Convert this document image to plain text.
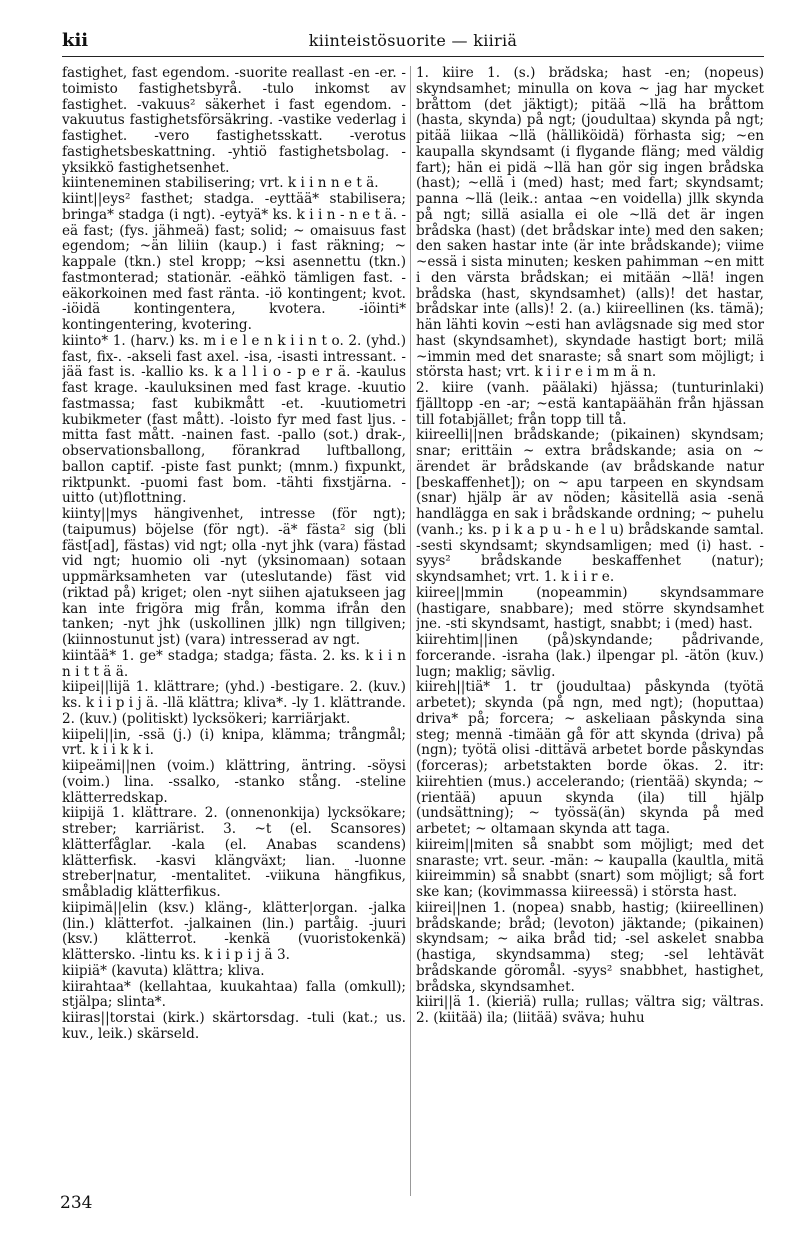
kii	kiinteistösuorite — kiiriä

fastighet, fast egendom. -suorite reallast -en -er. -toimisto fastighetsbyrå. -tulo inkomst av fastighet. -vakuus² säkerhet i fast egendom. -vakuutus fastighetsförsäkring. -vastike vederlag i fastighet. -vero fastighetsskatt. -verotus fastighetsbeskattning. -yhtiö fastighetsbolag. -yksikkö fastighetsenhet.

kiinteneminen stabilisering; vrt. k i i n n e t ä.

kiint||eys² fasthet; stadga. -eyttää* stabilisera; bringa* stadga (i ngt). -eytyä* ks. k i i n - n e t ä. -eä fast; (fys. jähmeä) fast; solid; ~ omaisuus fast egendom; ~än liliin (kaup.) i fast räkning; ~ kappale (tkn.) stel kropp; ~ksi asennettu (tkn.) fastmonterad; stationär. -eähkö tämligen fast. -eäkorkoinen med fast ränta. -iö kontingent; kvot. -iöidä kontingentera, kvotera. -iöinti* kontingentering, kvotering.

kiinto* 1. (harv.) ks. m i e l e n k i i n t o. 2. (yhd.) fast, fix-. -akseli fast axel. -isa, -isasti intressant. -jää fast is. -kallio ks. k a l l i o - p e r ä. -kaulus fast krage. -kauluksinen med fast krage. -kuutio fastmassa; fast kubikmått -et. -kuutiometri kubikmeter (fast mått). -loisto fyr med fast ljus. -mitta fast mått. -nainen fast. -pallo (sot.) drak-, observationsballong, förankrad luftballong, ballon captif. -piste fast punkt; (mnm.) fixpunkt, riktpunkt. -puomi fast bom. -tähti fixstjärna. -uitto (ut)flottning.

kiinty||mys hängivenhet, intresse (för ngt); (taipumus) böjelse (för ngt). -ä* fästa² sig (bli fäst[ad], fästas) vid ngt; olla -nyt jhk (vara) fästad vid ngt; huomio oli -nyt (yksinomaan) sotaan uppmärksamheten var (uteslutande) fäst vid (riktad på) kriget; olen -nyt siihen ajatukseen jag kan inte frigöra mig från, komma ifrån den tanken; -nyt jhk (uskollinen jllk) ngn tillgiven; (kiinnostunut jst) (vara) intresserad av ngt.

kiintää* 1. ge* stadga; stadga; fästa. 2. ks. k i i n n i t t ä ä.

kiipei||lijä 1. klättrare; (yhd.) -bestigare. 2. (kuv.) ks. k i i p i j ä. -llä klättra; kliva*. -ly 1. klättrande. 2. (kuv.) (politiskt) lycksökeri; karriärjakt.

kiipeli||in, -ssä (j.) (i) knipa, klämma; trångmål; vrt. k i i k k i.

kiipeämi||nen (voim.) klättring, äntring. -söysi (voim.) lina. -ssalko, -stanko stång. -steline klätterredskap.

kiipijä 1. klättrare. 2. (onnenonkija) lycksökare; streber; karriärist. 3. ~t (el. Scansores) klätterfåglar. -kala (el. Anabas scandens) klätterfisk. -kasvi klängväxt; lian. -luonne streber|natur, -mentalitet. -viikuna hängfikus, småbladig klätterfikus.

kiipimä||elin (ksv.) kläng-, klätter|organ. -jalka (lin.) klätterfot. -jalkainen (lin.) partåig. -juuri (ksv.) klätterrot. -kenkä (vuoristokenkä) klättersko. -lintu ks. k i i p i j ä 3.

kiipiä* (kavuta) klättra; kliva.

kiirahtaa* (kellahtaa, kuukahtaa) falla (omkull); stjälpa; slinta*.

kiiras||torstai (kirk.) skärtorsdag. -tuli (kat.; us. kuv., leik.) skärseld.

1. kiire 1. (s.) brådska; hast -en; (nopeus) skyndsamhet; minulla on kova ~ jag har mycket bråttom (det jäktigt); pitää ~llä ha bråttom (hasta, skynda) på ngt; (joudultaa) skynda på ngt; pitää liikaa ~llä (hälliköidä) förhasta sig; ~en kaupalla skyndsamt (i flygande fläng; med väldig fart); hän ei pidä ~llä han gör sig ingen brådska (hast); ~ellä i (med) hast; med fart; skyndsamt; panna ~llä (leik.: antaa ~en voidella) jllk skynda på ngt; sillä asialla ei ole ~llä det är ingen brådska (hast) (det brådskar inte) med den saken; den saken hastar inte (är inte brådskande); viime ~essä i sista minuten; kesken pahimman ~en mitt i den värsta brådskan; ei mitään ~llä! ingen brådska (hast, skyndsamhet) (alls)! det hastar, brådskar inte (alls)! 2. (a.) kiireellinen (ks. tämä); hän lähti kovin ~esti han avlägsnade sig med stor hast (skyndsamhet), skyndade hastigt bort; milä ~immin med det snaraste; så snart som möjligt; i största hast; vrt. k i i r e i m m ä n.

2. kiire (vanh. päälaki) hjässa; (tunturinlaki) fjälltopp -en -ar; ~estä kantapäähän från hjässan till fotabjället; från topp till tå.

kiireelli||nen brådskande; (pikainen) skyndsam; snar; erittäin ~ extra brådskande; asia on ~ ärendet är brådskande (av brådskande natur [beskaffenhet]); on ~ apu tarpeen en skyndsam (snar) hjälp är av nöden; käsitellä asia -senä handlägga en sak i brådskande ordning; ~ puhelu (vanh.; ks. p i k a p u - h e l u) brådskande samtal. -sesti skyndsamt; skyndsamligen; med (i) hast. -syys² brådskande beskaffenhet (natur); skyndsamhet; vrt. 1. k i i r e.

kiiree||mmin (nopeammin) skyndsammare (hastigare, snabbare); med större skyndsamhet jne. -sti skyndsamt, hastigt, snabbt; i (med) hast.

kiirehtim||inen (på)skyndande; pådrivande, forcerande. -israha (lak.) ilpengar pl. -ätön (kuv.) lugn; maklig; sävlig.

kiireh||tiä* 1. tr (joudultaa) påskynda (työtä arbetet); skynda (på ngn, med ngt); (hoputtaa) driva* på; forcera; ~ askeliaan påskynda sina steg; mennä -timään gå för att skynda (driva) på (ngn); työtä olisi -dittävä arbetet borde påskyndas (forceras); arbetstakten borde ökas. 2. itr: kiirehtien (mus.) accelerando; (rientää) skynda; ~ (rientää) apuun skynda (ila) till hjälp (undsättning); ~ työssä(än) skynda på med arbetet; ~ oltamaan skynda att taga.

kiireim||miten så snabbt som möjligt; med det snaraste; vrt. seur. -män: ~ kaupalla (kaultla, mitä kiireimmin) så snabbt (snart) som möjligt; så fort ske kan; (kovimmassa kiireessä) i största hast.

kiirei||nen 1. (nopea) snabb, hastig; (kiireellinen) brådskande; bråd; (levoton) jäktande; (pikainen) skyndsam; ~ aika bråd tid; -sel askelet snabba (hastiga, skyndsamma) steg; -sel lehtävät brådskande göromål. -syys² snabbhet, hastighet, brådska, skyndsamhet.

kiiri||ä 1. (kieriä) rulla; rullas; vältra sig; vältras. 2. (kiitää) ila; (liitää) sväva; huhu

234
